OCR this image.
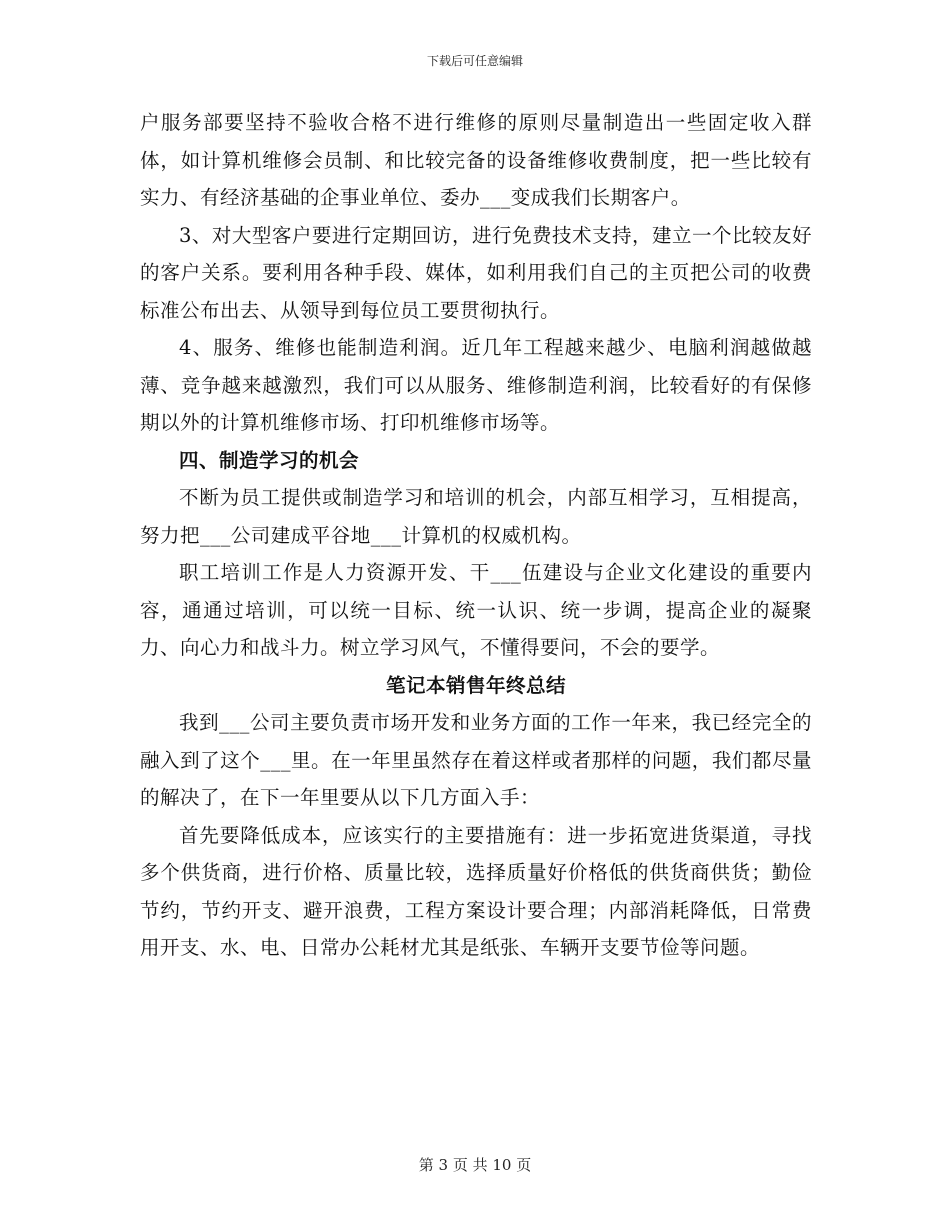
下载后可任意编辑

户服务部要坚持不验收合格不进行维修的原则尽量制造出一些固定收入群体，如计算机维修会员制、和比较完备的设备维修收费制度，把一些比较有实力、有经济基础的企事业单位、委办___变成我们长期客户。

3、对大型客户要进行定期回访，进行免费技术支持，建立一个比较友好的客户关系。要利用各种手段、媒体，如利用我们自己的主页把公司的收费标准公布出去、从领导到每位员工要贯彻执行。

4、服务、维修也能制造利润。近几年工程越来越少、电脑利润越做越薄、竞争越来越激烈，我们可以从服务、维修制造利润，比较看好的有保修期以外的计算机维修市场、打印机维修市场等。

四、制造学习的机会

不断为员工提供或制造学习和培训的机会，内部互相学习，互相提高，努力把___公司建成平谷地___计算机的权威机构。

职工培训工作是人力资源开发、干___伍建设与企业文化建设的重要内容，通通过培训，可以统一目标、统一认识、统一步调，提高企业的凝聚力、向心力和战斗力。树立学习风气，不懂得要问，不会的要学。

笔记本销售年终总结

我到___公司主要负责市场开发和业务方面的工作一年来，我已经完全的融入到了这个___里。在一年里虽然存在着这样或者那样的问题，我们都尽量的解决了，在下一年里要从以下几方面入手：

首先要降低成本，应该实行的主要措施有：进一步拓宽进货渠道，寻找多个供货商，进行价格、质量比较，选择质量好价格低的供货商供货；勤俭节约，节约开支、避开浪费，工程方案设计要合理；内部消耗降低，日常费用开支、水、电、日常办公耗材尤其是纸张、车辆开支要节俭等问题。

第 3 页 共 10 页
